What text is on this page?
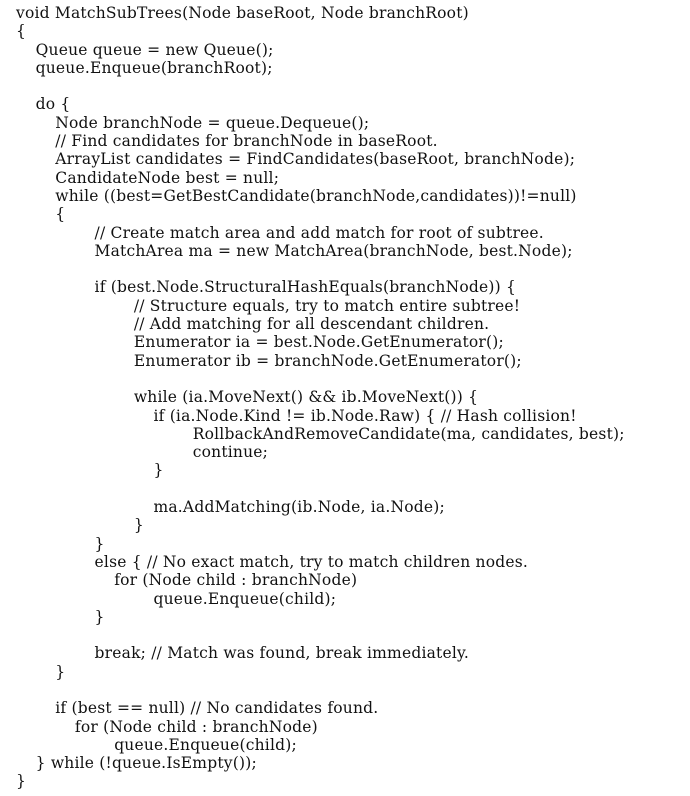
void MatchSubTrees(Node baseRoot, Node branchRoot)
{
Queue queue = new Queue();
queue.Enqueue(branchRoot);
do {
Node branchNode = queue.Dequeue();
// Find candidates for branchNode in baseRoot.
ArrayList candidates = FindCandidates(baseRoot, branchNode);
CandidateNode best = null;
while ((best=GetBestCandidate(branchNode,candidates))!=null)
{
// Create match area and add match for root of subtree.
MatchArea ma = new MatchArea(branchNode, best.Node);
if (best.Node.StructuralHashEquals(branchNode)) {
// Structure equals, try to match entire subtree!
// Add matching for all descendant children.
Enumerator ia = best.Node.GetEnumerator();
Enumerator ib = branchNode.GetEnumerator();
while (ia.MoveNext() && ib.MoveNext()) {
if (ia.Node.Kind != ib.Node.Raw) { // Hash collision!
RollbackAndRemoveCandidate(ma, candidates, best);
continue;
}
ma.AddMatching(ib.Node, ia.Node);
}
}
else { // No exact match, try to match children nodes.
for (Node child : branchNode)
queue.Enqueue(child);
}
break; // Match was found, break immediately.
}
if (best == null) // No candidates found.
for (Node child : branchNode)
queue.Enqueue(child);
} while (!queue.IsEmpty());
}
